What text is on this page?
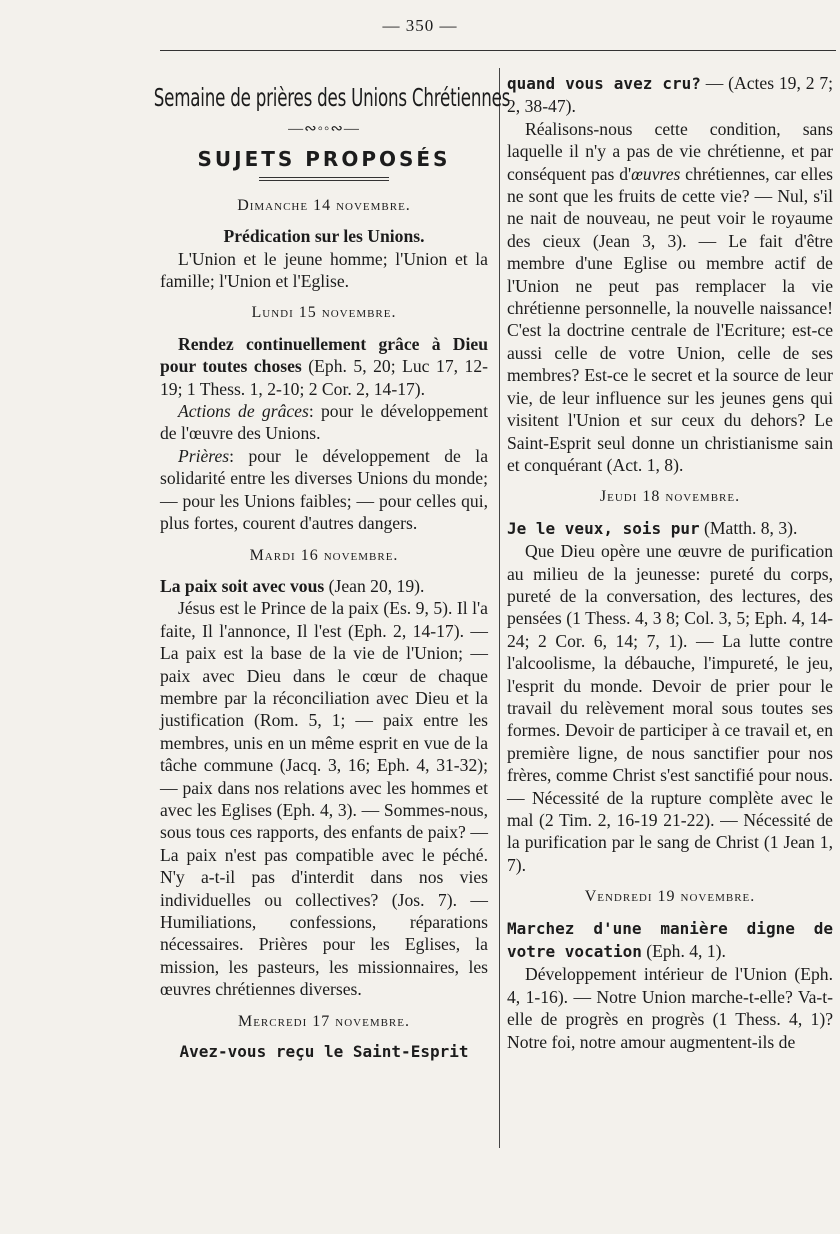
— 350 —
Semaine de prières des Unions Chrétiennes
—∾◦◦∾—
SUJETS PROPOSÉS
Dimanche 14 novembre.

Prédication sur les Unions.

L'Union et le jeune homme; l'Union et la famille; l'Union et l'Eglise.

Lundi 15 novembre.

Rendez continuellement grâce à Dieu pour toutes choses (Eph. 5, 20; Luc 17, 12-19; 1 Thess. 1, 2-10; 2 Cor. 2, 14-17).

Actions de grâces: pour le développement de l'œuvre des Unions.

Prières: pour le développement de la solidarité entre les diverses Unions du monde; — pour les Unions faibles; — pour celles qui, plus fortes, courent d'autres dangers.

Mardi 16 novembre.

La paix soit avec vous (Jean 20, 19).

Jésus est le Prince de la paix (Es. 9, 5). Il l'a faite, Il l'annonce, Il l'est (Eph. 2, 14-17). — La paix est la base de la vie de l'Union; — paix avec Dieu dans le cœur de chaque membre par la réconciliation avec Dieu et la justification (Rom. 5, 1; — paix entre les membres, unis en un même esprit en vue de la tâche commune (Jacq. 3, 16; Eph. 4, 31-32); — paix dans nos relations avec les hommes et avec les Eglises (Eph. 4, 3). — Sommes-nous, sous tous ces rapports, des enfants de paix? — La paix n'est pas compatible avec le péché. N'y a-t-il pas d'interdit dans nos vies individuelles ou collectives? (Jos. 7). — Humiliations, confessions, réparations nécessaires. Prières pour les Eglises, la mission, les pasteurs, les missionnaires, les œuvres chrétiennes diverses.

Mercredi 17 novembre.

Avez-vous reçu le Saint-Esprit

quand vous avez cru? — (Actes 19, 2 7; 2, 38-47).

Réalisons-nous cette condition, sans laquelle il n'y a pas de vie chrétienne, et par conséquent pas d'œuvres chrétiennes, car elles ne sont que les fruits de cette vie? — Nul, s'il ne nait de nouveau, ne peut voir le royaume des cieux (Jean 3, 3). — Le fait d'être membre d'une Eglise ou membre actif de l'Union ne peut pas remplacer la vie chrétienne personnelle, la nouvelle naissance! C'est la doctrine centrale de l'Ecriture; est-ce aussi celle de votre Union, celle de ses membres? Est-ce le secret et la source de leur vie, de leur influence sur les jeunes gens qui visitent l'Union et sur ceux du dehors? Le Saint-Esprit seul donne un christianisme sain et conquérant (Act. 1, 8).

Jeudi 18 novembre.

Je le veux, sois pur (Matth. 8, 3).

Que Dieu opère une œuvre de purification au milieu de la jeunesse: pureté du corps, pureté de la conversation, des lectures, des pensées (1 Thess. 4, 3 8; Col. 3, 5; Eph. 4, 14-24; 2 Cor. 6, 14; 7, 1). — La lutte contre l'alcoolisme, la débauche, l'impureté, le jeu, l'esprit du monde. Devoir de prier pour le travail du relèvement moral sous toutes ses formes. Devoir de participer à ce travail et, en première ligne, de nous sanctifier pour nos frères, comme Christ s'est sanctifié pour nous. — Nécessité de la rupture complète avec le mal (2 Tim. 2, 16-19 21-22). — Nécessité de la purification par le sang de Christ (1 Jean 1, 7).

Vendredi 19 novembre.

Marchez d'une manière digne de votre vocation (Eph. 4, 1).

Développement intérieur de l'Union (Eph. 4, 1-16). — Notre Union marche-t-elle? Va-t-elle de progrès en progrès (1 Thess. 4, 1)? Notre foi, notre amour augmentent-ils de
